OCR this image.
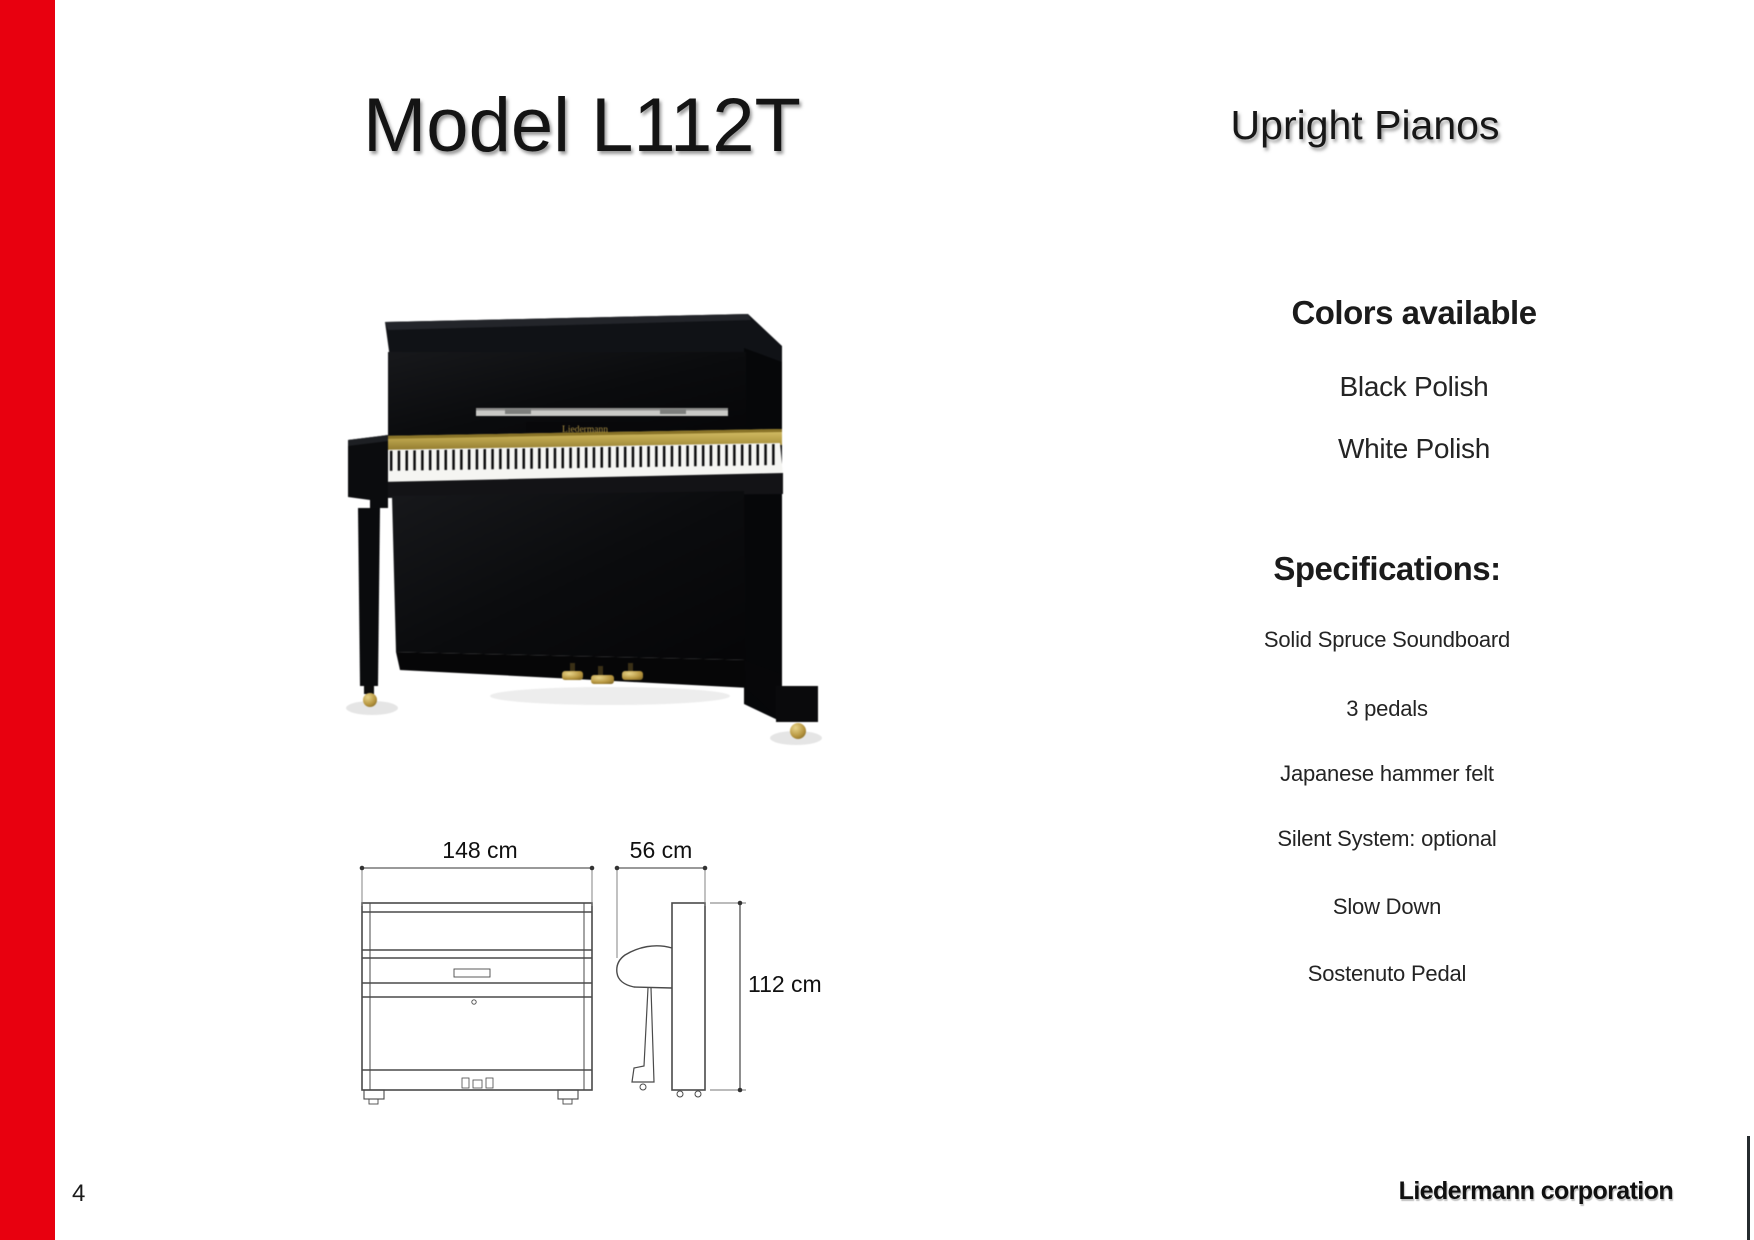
Model L112T	Upright Pianos
Liedermann
Colors available
Black Polish
White Polish
Specifications:
Solid Spruce Soundboard
3 pedals
Japanese hammer felt
Silent System: optional
Slow Down
Sostenuto Pedal
148 cm	56 cm
112 cm
4	Liedermann corporation
